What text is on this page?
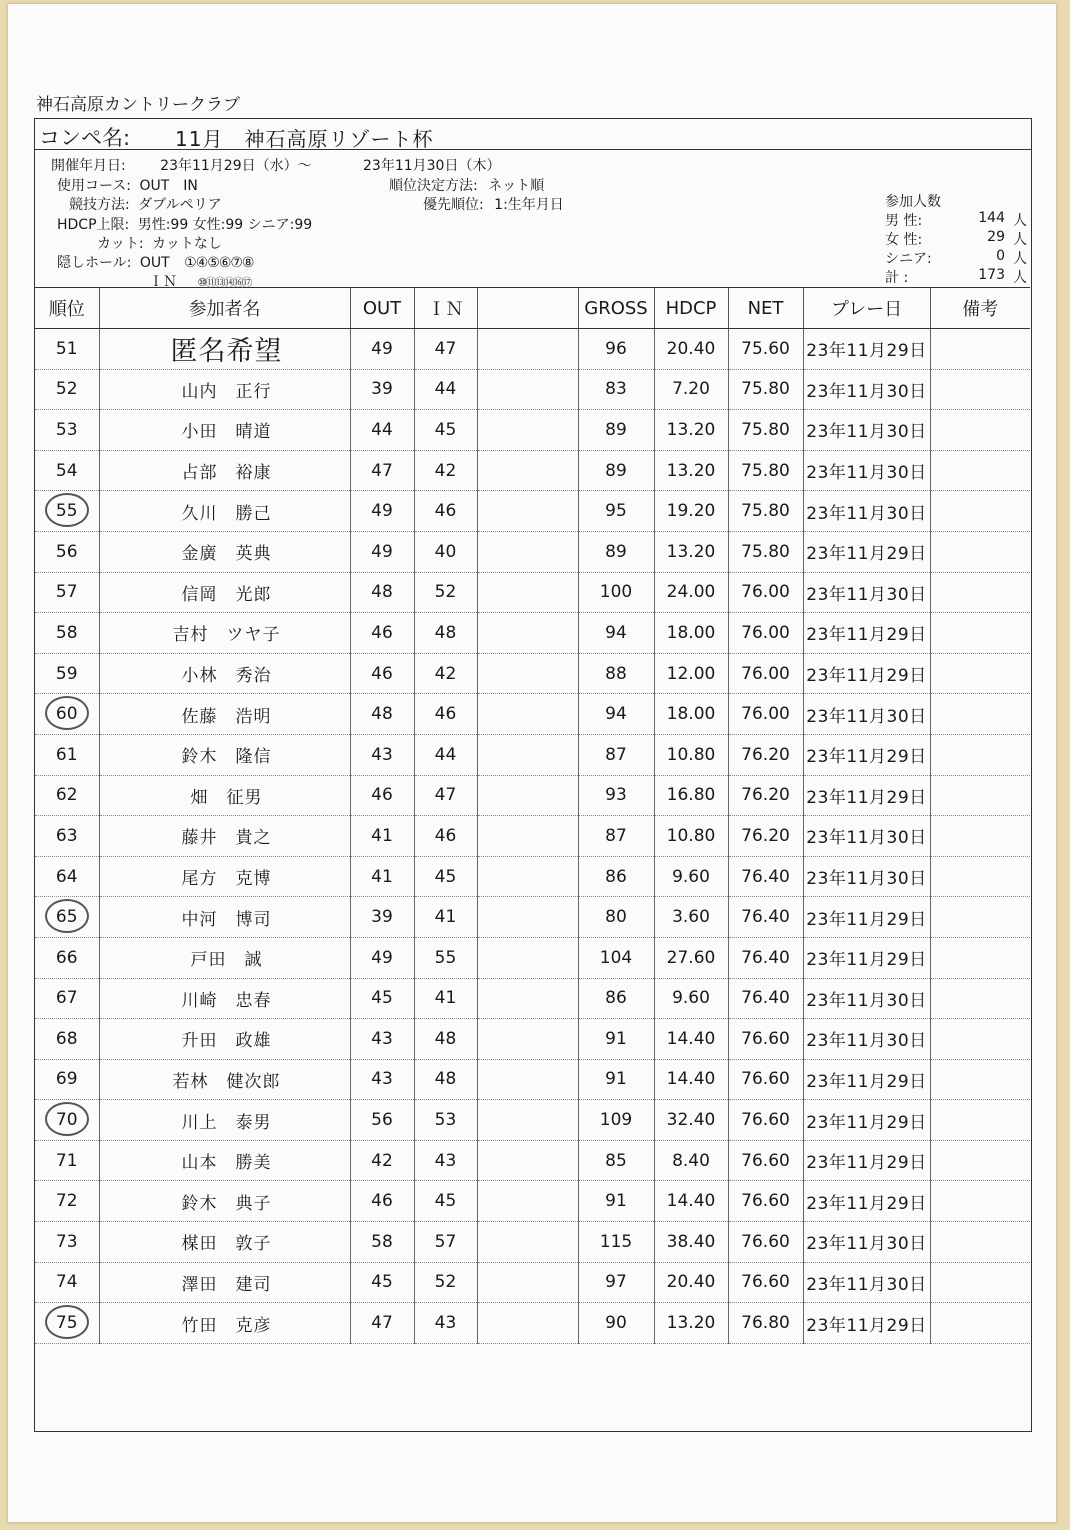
神石高原カントリークラブ
コンペ名: 11月　神石高原リゾート杯
開催年月日: 23年11月29日（水）～	23年11月30日（木）
使用コース: OUT　IN	順位決定方法: ネット順
競技方法: ダブルペリア	優先順位: 1:生年月日
HDCP上限: 男性:99 女性:99 シニア:99
カット: カットなし
隠しホール: OUT ①④⑤⑥⑦⑧
ＩＮ ⑩⑪⑬⑭⑯⑰
参加人数
男 性:	144 人
女 性:	29 人
シニア:	0 人
計 :	173 人
順位	参加者名	OUT	ＩＮ		GROSS	HDCP	NET	プレー日	備考
51	匿名希望	49	47		96	20.40	75.60	23年11月29日	
52	山内　正行	39	44		83	7.20	75.80	23年11月30日	
53	小田　晴道	44	45		89	13.20	75.80	23年11月30日	
54	占部　裕康	47	42		89	13.20	75.80	23年11月30日	

55	久川　勝己	49	46		95	19.20	75.80	23年11月30日	
56	金廣　英典	49	40		89	13.20	75.80	23年11月29日	
57	信岡　光郎	48	52		100	24.00	76.00	23年11月30日	
58	吉村　ツヤ子	46	48		94	18.00	76.00	23年11月29日	
59	小林　秀治	46	42		88	12.00	76.00	23年11月29日	

60	佐藤　浩明	48	46		94	18.00	76.00	23年11月30日	
61	鈴木　隆信	43	44		87	10.80	76.20	23年11月29日	
62	畑　征男	46	47		93	16.80	76.20	23年11月29日	
63	藤井　貴之	41	46		87	10.80	76.20	23年11月30日	
64	尾方　克博	41	45		86	9.60	76.40	23年11月30日	

65	中河　博司	39	41		80	3.60	76.40	23年11月29日	
66	戸田　誠	49	55		104	27.60	76.40	23年11月29日	
67	川崎　忠春	45	41		86	9.60	76.40	23年11月30日	
68	升田　政雄	43	48		91	14.40	76.60	23年11月30日	
69	若林　健次郎	43	48		91	14.40	76.60	23年11月29日	

70	川上　泰男	56	53		109	32.40	76.60	23年11月29日	
71	山本　勝美	42	43		85	8.40	76.60	23年11月29日	
72	鈴木　典子	46	45		91	14.40	76.60	23年11月29日	
73	楳田　敦子	58	57		115	38.40	76.60	23年11月30日	
74	澤田　建司	45	52		97	20.40	76.60	23年11月30日	

75	竹田　克彦	47	43		90	13.20	76.80	23年11月29日	
